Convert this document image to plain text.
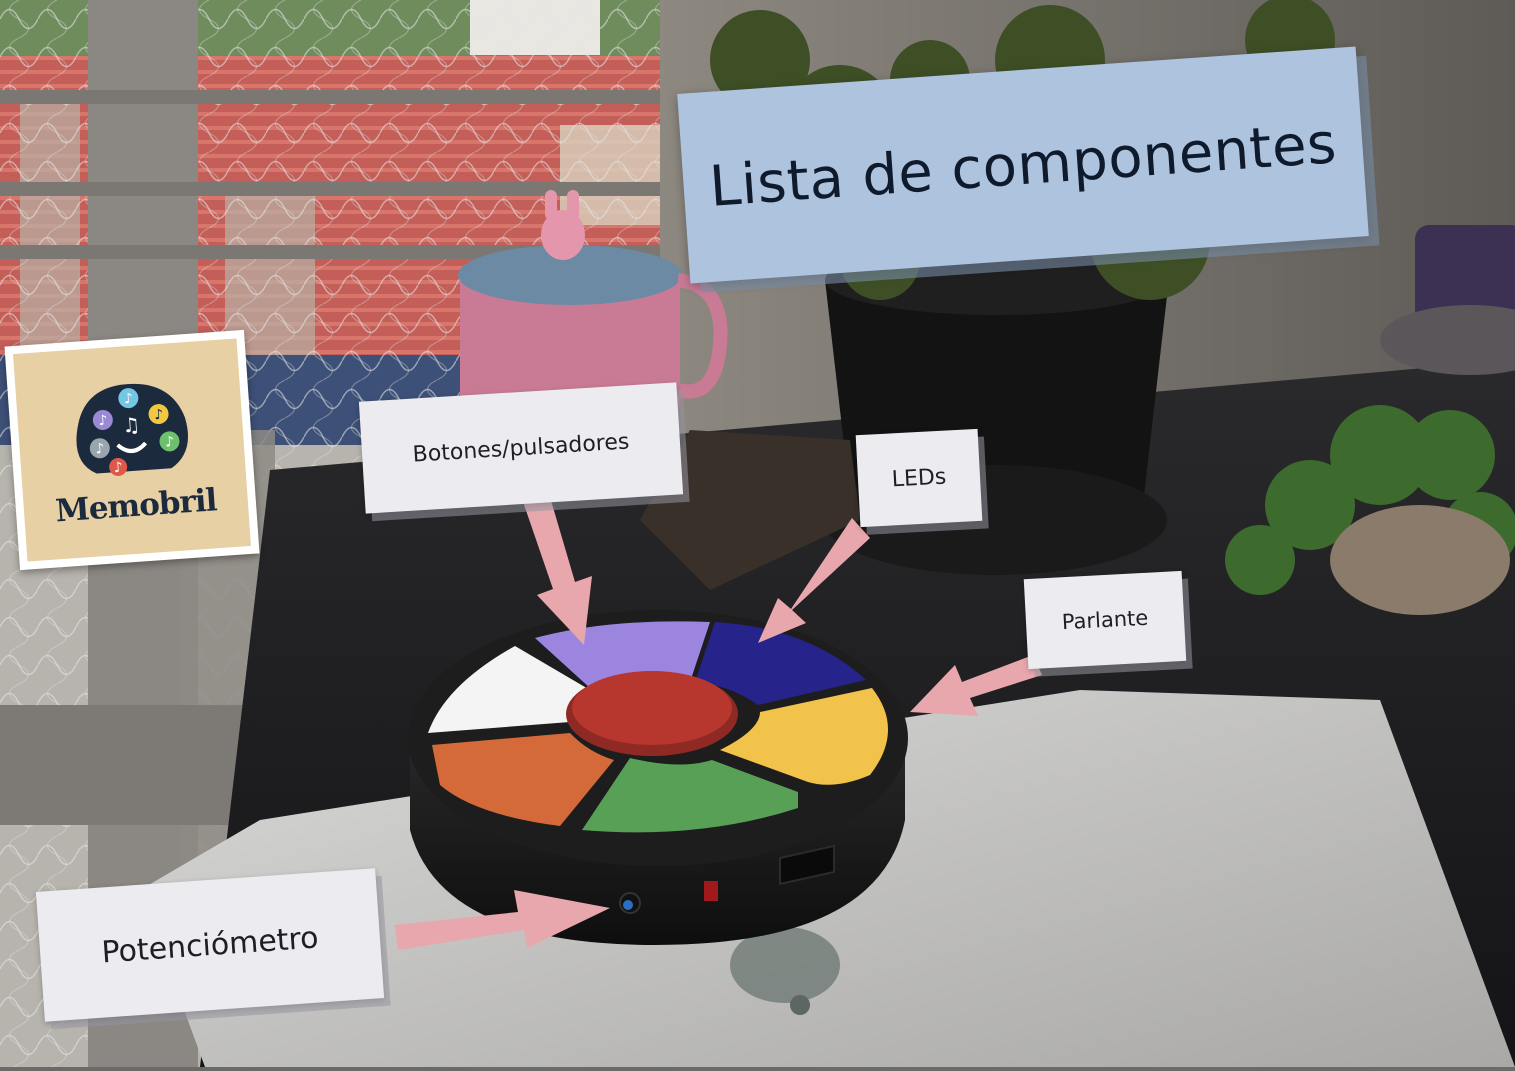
♪
♪
♪
♪
♪
♪
♫
Memobril
Lista de componentes
Botones/pulsadores
LEDs
Parlante
Potenciómetro
